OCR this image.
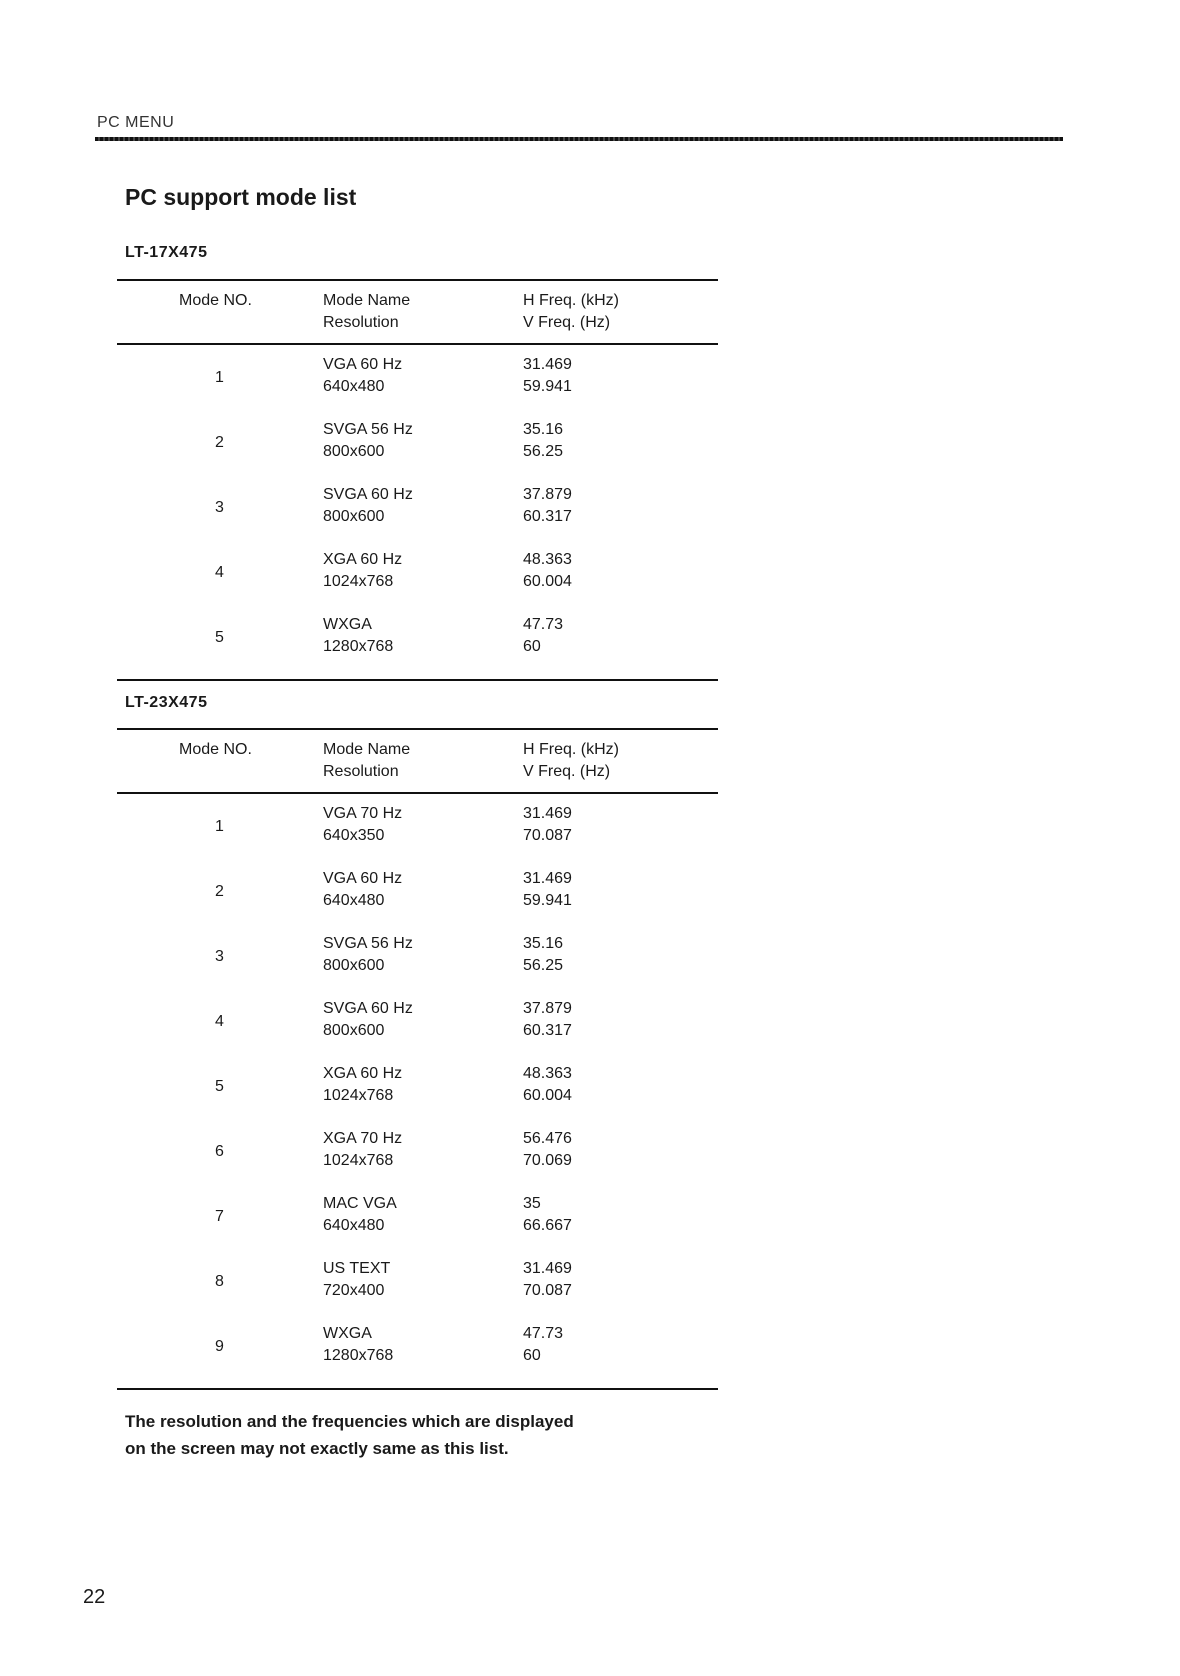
PC MENU
PC support mode list
LT-17X475
Mode NO.	Mode Name
Resolution
H Freq. (kHz)
V Freq. (Hz)
1
VGA 60 Hz
640x480
31.469
59.941
2
SVGA 56 Hz
800x600
35.16
56.25
3
SVGA 60 Hz
800x600
37.879
60.317
4
XGA 60 Hz
1024x768
48.363
60.004
5
WXGA
1280x768
47.73
60
LT-23X475
Mode NO.	Mode Name
Resolution
H Freq. (kHz)
V Freq. (Hz)
1
VGA 70 Hz
640x350
31.469
70.087
2
VGA 60 Hz
640x480
31.469
59.941
3
SVGA 56 Hz
800x600
35.16
56.25
4
SVGA 60 Hz
800x600
37.879
60.317
5
XGA 60 Hz
1024x768
48.363
60.004
6
XGA 70 Hz
1024x768
56.476
70.069
7
MAC VGA
640x480
35
66.667
8
US TEXT
720x400
31.469
70.087
9
WXGA
1280x768
47.73
60
The resolution and the frequencies which are displayed
on the screen may not exactly same as this list.
22
